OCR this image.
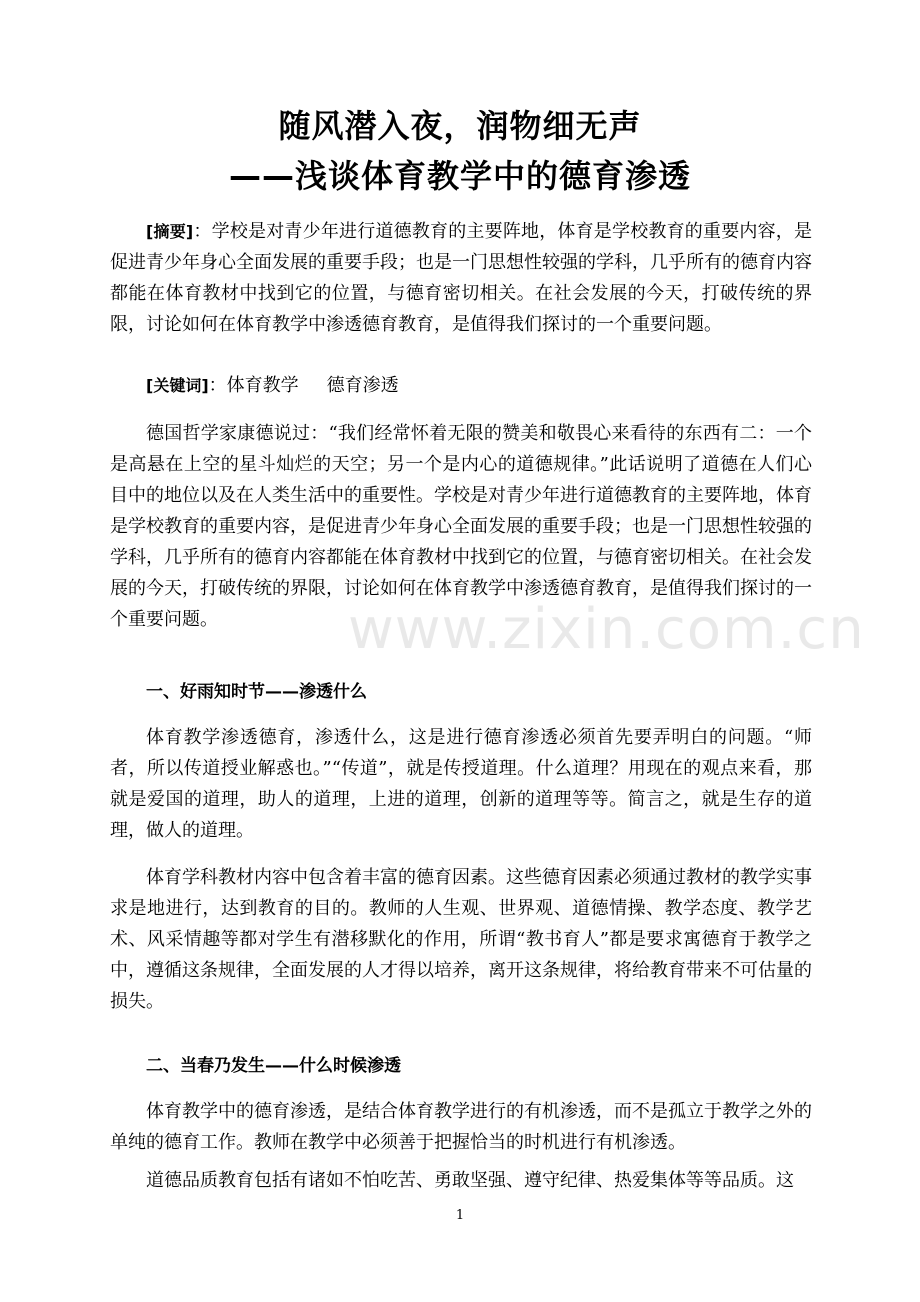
随风潜入夜，润物细无声
——浅谈体育教学中的德育渗透

[摘要]：学校是对青少年进行道德教育的主要阵地，体育是学校教育的重要内容，是促进青少年身心全面发展的重要手段；也是一门思想性较强的学科，几乎所有的德育内容都能在体育教材中找到它的位置，与德育密切相关。在社会发展的今天，打破传统的界限，讨论如何在体育教学中渗透德育教育，是值得我们探讨的一个重要问题。

[关键词]：体育教学 德育渗透

德国哲学家康德说过：“我们经常怀着无限的赞美和敬畏心来看待的东西有二：一个是高悬在上空的星斗灿烂的天空；另一个是内心的道德规律。”此话说明了道德在人们心目中的地位以及在人类生活中的重要性。学校是对青少年进行道德教育的主要阵地，体育是学校教育的重要内容，是促进青少年身心全面发展的重要手段；也是一门思想性较强的学科，几乎所有的德育内容都能在体育教材中找到它的位置，与德育密切相关。在社会发展的今天，打破传统的界限，讨论如何在体育教学中渗透德育教育，是值得我们探讨的一个重要问题。

一、好雨知时节——渗透什么

体育教学渗透德育，渗透什么，这是进行德育渗透必须首先要弄明白的问题。“师者，所以传道授业解惑也。”“传道”，就是传授道理。什么道理？用现在的观点来看，那就是爱国的道理，助人的道理，上进的道理，创新的道理等等。简言之，就是生存的道理，做人的道理。

体育学科教材内容中包含着丰富的德育因素。这些德育因素必须通过教材的教学实事求是地进行，达到教育的目的。教师的人生观、世界观、道德情操、教学态度、教学艺术、风采情趣等都对学生有潜移默化的作用，所谓“教书育人”都是要求寓德育于教学之中，遵循这条规律，全面发展的人才得以培养，离开这条规律，将给教育带来不可估量的损失。

二、当春乃发生——什么时候渗透

体育教学中的德育渗透，是结合体育教学进行的有机渗透，而不是孤立于教学之外的单纯的德育工作。教师在教学中必须善于把握恰当的时机进行有机渗透。

道德品质教育包括有诸如不怕吃苦、勇敢坚强、遵守纪律、热爱集体等等品质。这

www.zixin.com.cn
1
